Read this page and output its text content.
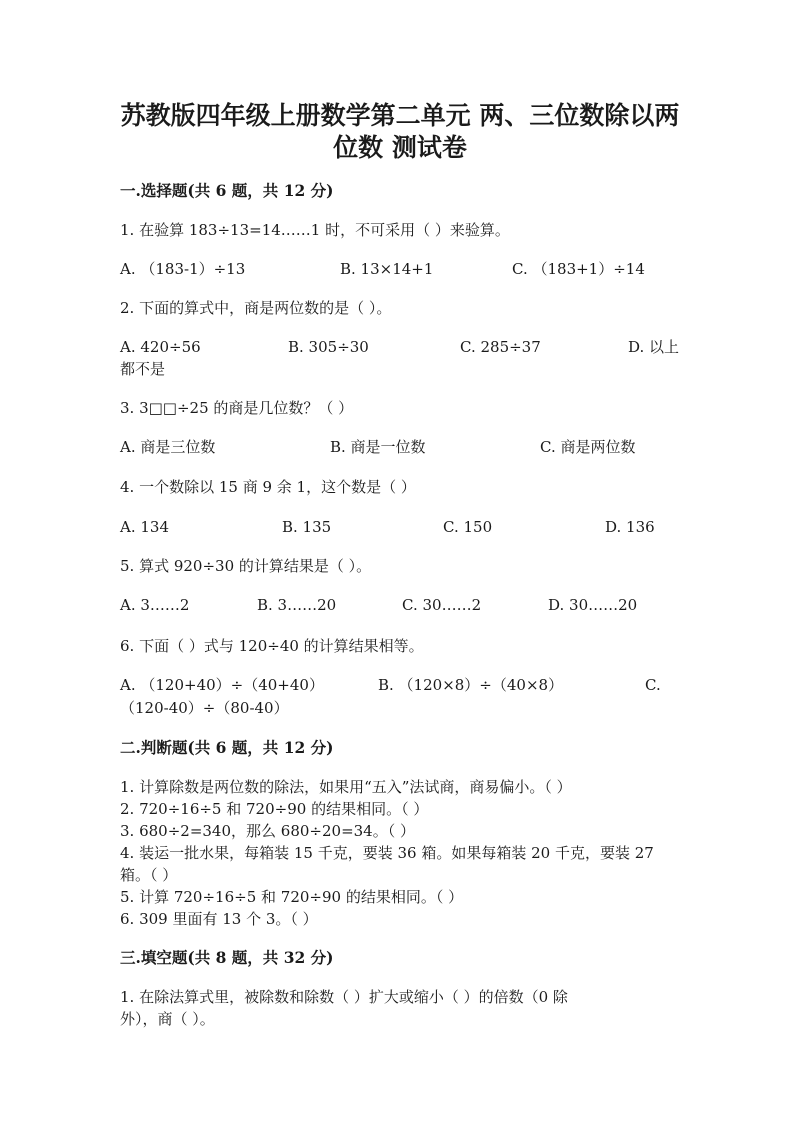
苏教版四年级上册数学第二单元 两、三位数除以两
位数 测试卷
一.选择题(共 6 题，共 12 分)
1. 在验算 183÷13=14……1 时，不可采用（ ）来验算。
A. （183-1）÷13	B. 13×14+1	C. （183+1）÷14
2. 下面的算式中，商是两位数的是（ ）。
A. 420÷56	B. 305÷30	C. 285÷37	D. 以上
都不是
3. 3□□÷25 的商是几位数？（ ）
A. 商是三位数	B. 商是一位数	C. 商是两位数
4. 一个数除以 15 商 9 余 1，这个数是（ ）
A. 134	B. 135	C. 150	D. 136
5. 算式 920÷30 的计算结果是（ ）。
A. 3……2	B. 3……20	C. 30……2	D. 30……20
6. 下面（ ）式与 120÷40 的计算结果相等。
A. （120+40）÷（40+40）	B. （120×8）÷（40×8）	C.
（120-40）÷（80-40）
二.判断题(共 6 题，共 12 分)
1. 计算除数是两位数的除法，如果用“五入”法试商，商易偏小。（ ）
2. 720÷16÷5 和 720÷90 的结果相同。（ ）
3. 680÷2=340，那么 680÷20=34。（ ）
4. 装运一批水果，每箱装 15 千克，要装 36 箱。如果每箱装 20 千克，要装 27
箱。（ ）
5. 计算 720÷16÷5 和 720÷90 的结果相同。（ ）
6. 309 里面有 13 个 3。（ ）
三.填空题(共 8 题，共 32 分)
1. 在除法算式里，被除数和除数（ ）扩大或缩小（ ）的倍数（0 除
外），商（ ）。
